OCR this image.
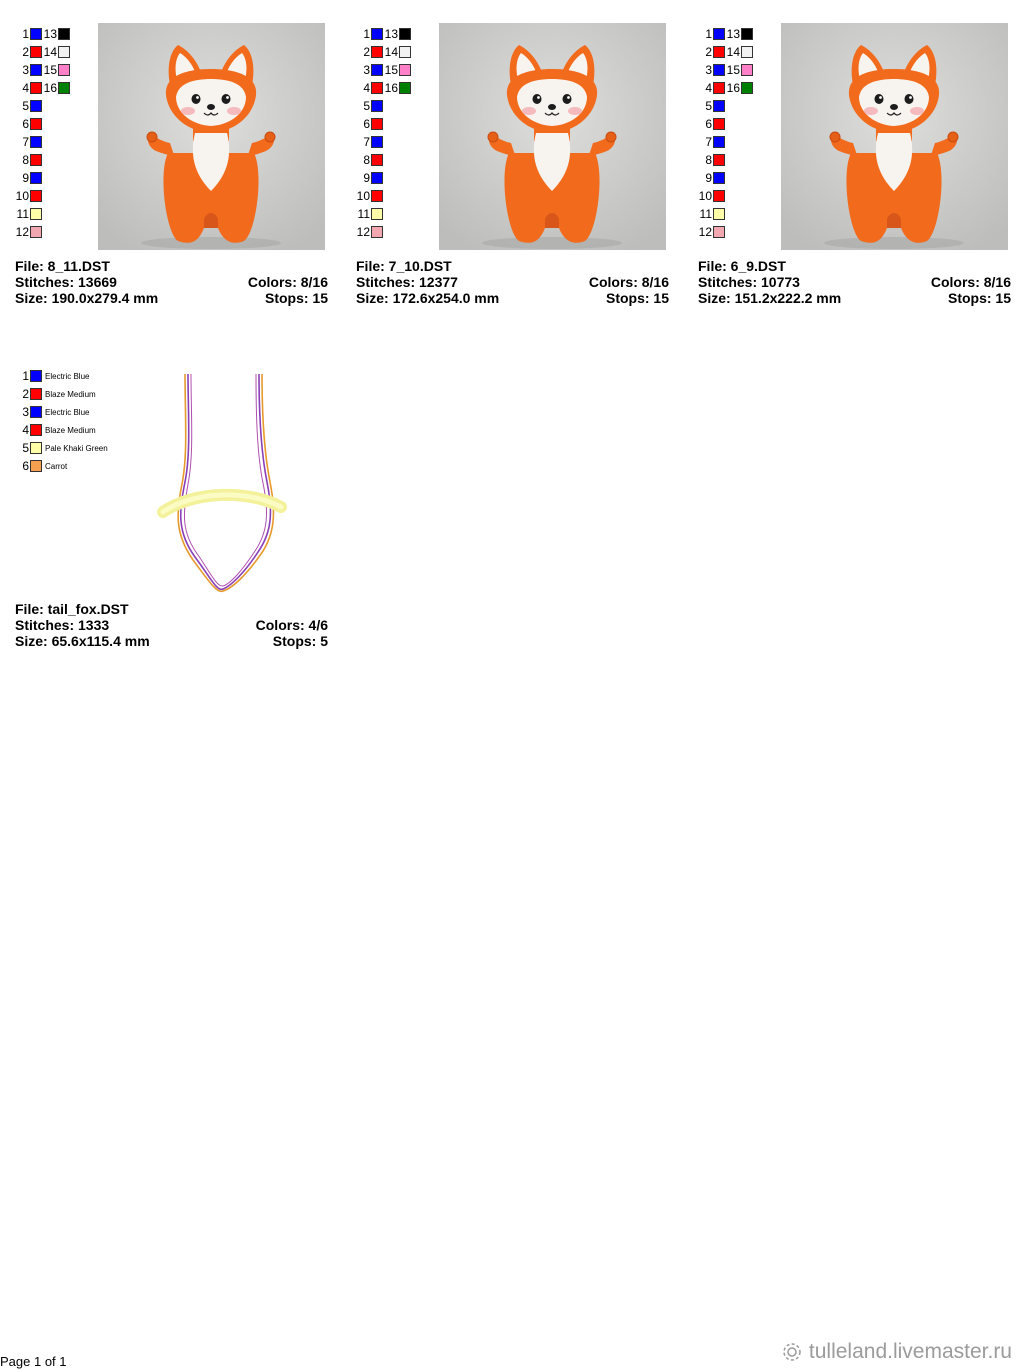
1
2
3
4
5
6
7
8
9
10
11
12
13
14
15
16
File: 8_11.DST
Stitches: 13669	Colors: 8/16
Size: 190.0x279.4 mm	Stops: 15
1
2
3
4
5
6
7
8
9
10
11
12
13
14
15
16
File: 7_10.DST
Stitches: 12377	Colors: 8/16
Size: 172.6x254.0 mm	Stops: 15
1
2
3
4
5
6
7
8
9
10
11
12
13
14
15
16
File: 6_9.DST
Stitches: 10773	Colors: 8/16
Size: 151.2x222.2 mm	Stops: 15
1 Electric Blue
2 Blaze Medium
3 Electric Blue
4 Blaze Medium
5 Pale Khaki Green
6 Carrot
File: tail_fox.DST
Stitches: 1333	Colors: 4/6
Size: 65.6x115.4 mm	Stops: 5
Page 1 of 1	tulleland.livemaster.ru
